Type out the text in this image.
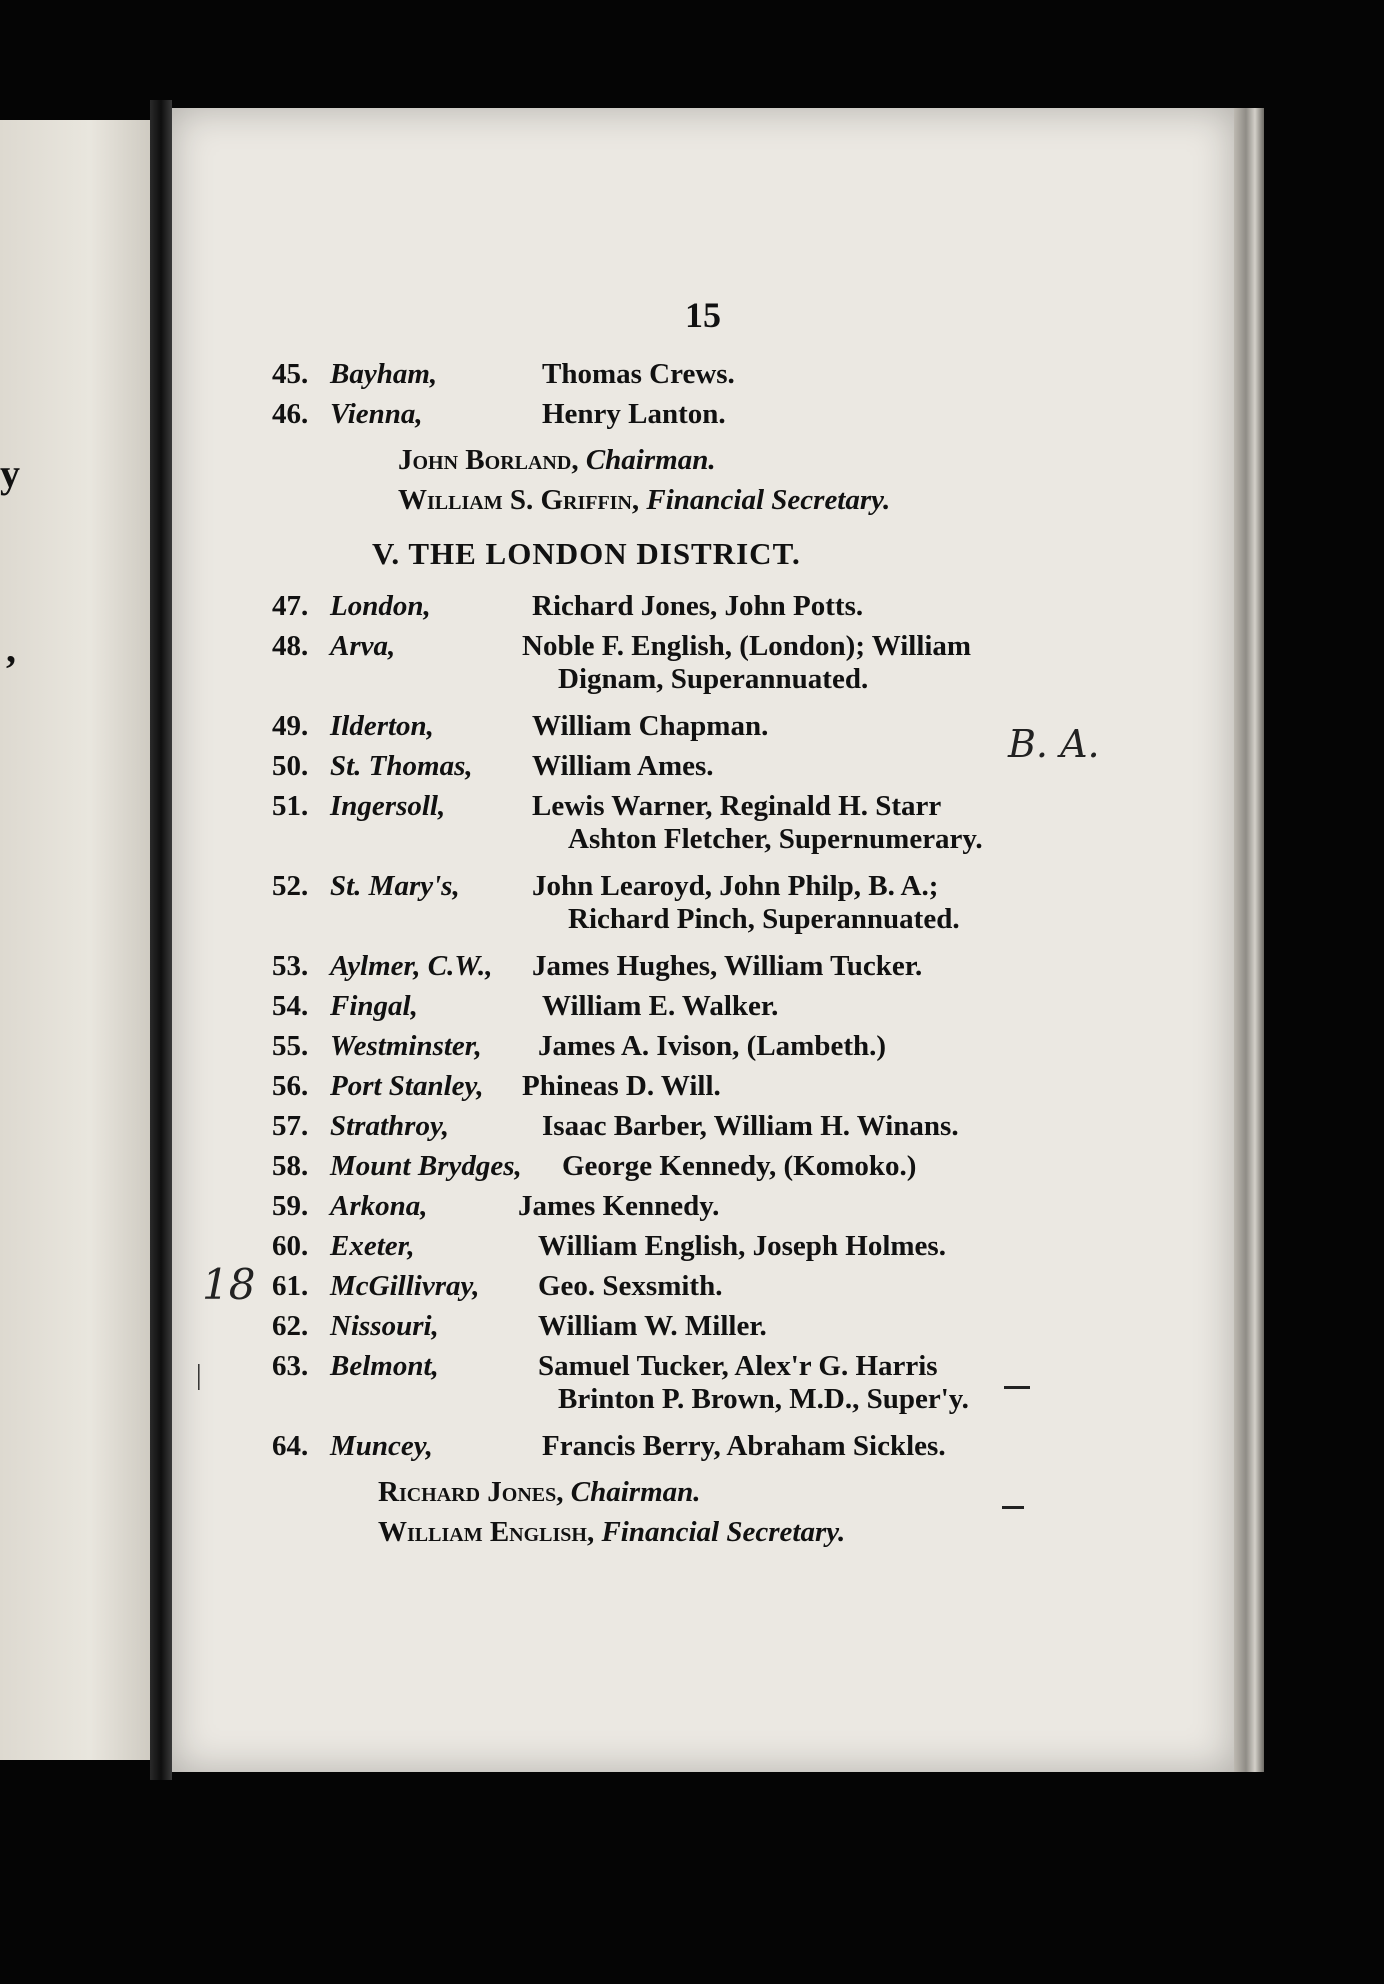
y
,
15
45. Bayham,	Thomas Crews.
46. Vienna,	Henry Lanton.
John Borland, Chairman.
William S. Griffin, Financial Secretary.
V. THE LONDON DISTRICT.
47. London,	Richard Jones, John Potts.
48. Arva,	Noble F. English, (London); William
Dignam, Superannuated.
49. Ilderton,	William Chapman.
50. St. Thomas, William Ames.
51. Ingersoll,	Lewis Warner, Reginald H. Starr
Ashton Fletcher, Supernumerary.
52. St. Mary's, John Learoyd, John Philp, B. A.;
Richard Pinch, Superannuated.
53. Aylmer, C.W., James Hughes, William Tucker.
54. Fingal,	William E. Walker.
55. Westminster, James A. Ivison, (Lambeth.)
56. Port Stanley, Phineas D. Will.
57. Strathroy,	Isaac Barber, William H. Winans.
58. Mount Brydges, George Kennedy, (Komoko.)
59. Arkona,	James Kennedy.
60. Exeter,	William English, Joseph Holmes.
61. McGillivray, Geo. Sexsmith.
62. Nissouri,	William W. Miller.
63. Belmont,	Samuel Tucker, Alex'r G. Harris
Brinton P. Brown, M.D., Super'y.
64. Muncey,	Francis Berry, Abraham Sickles.
Richard Jones, Chairman.
William English, Financial Secretary.
B. A.
18
|
